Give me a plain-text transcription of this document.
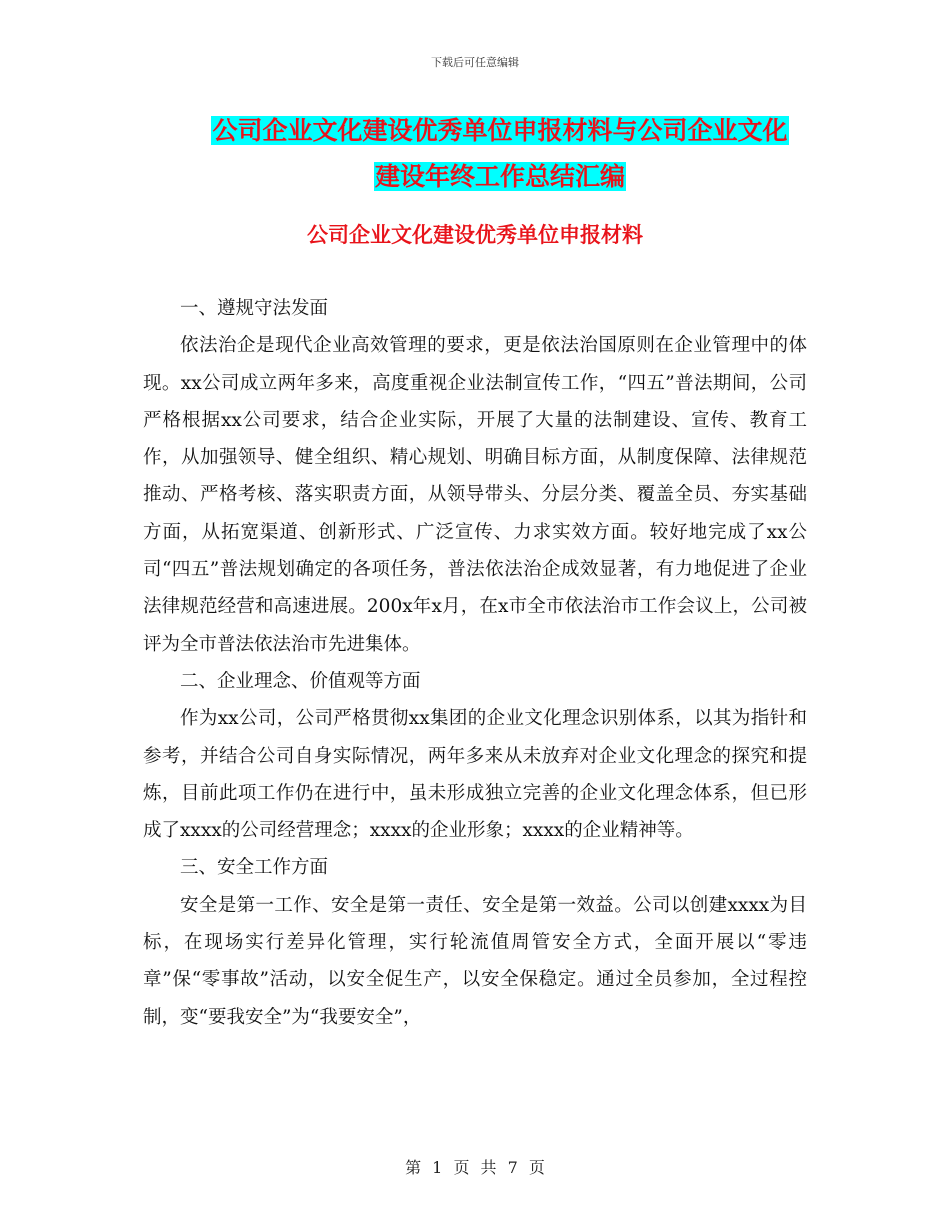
下载后可任意编辑
公司企业文化建设优秀单位申报材料与公司企业文化
建设年终工作总结汇编
公司企业文化建设优秀单位申报材料

一、遵规守法发面

依法治企是现代企业高效管理的要求，更是依法治国原则在企业管理中的体现。xx公司成立两年多来，高度重视企业法制宣传工作，“四五”普法期间，公司严格根据xx公司要求，结合企业实际，开展了大量的法制建设、宣传、教育工作，从加强领导、健全组织、精心规划、明确目标方面，从制度保障、法律规范推动、严格考核、落实职责方面，从领导带头、分层分类、覆盖全员、夯实基础方面，从拓宽渠道、创新形式、广泛宣传、力求实效方面。较好地完成了xx公司“四五”普法规划确定的各项任务，普法依法治企成效显著，有力地促进了企业法律规范经营和高速进展。200x年x月，在x市全市依法治市工作会议上，公司被评为全市普法依法治市先进集体。

二、企业理念、价值观等方面

作为xx公司，公司严格贯彻xx集团的企业文化理念识别体系，以其为指针和参考，并结合公司自身实际情况，两年多来从未放弃对企业文化理念的探究和提炼，目前此项工作仍在进行中，虽未形成独立完善的企业文化理念体系，但已形成了xxxx的公司经营理念；xxxx的企业形象；xxxx的企业精神等。

三、安全工作方面

安全是第一工作、安全是第一责任、安全是第一效益。公司以创建xxxx为目标，在现场实行差异化管理，实行轮流值周管安全方式，全面开展以“零违章”保“零事故”活动，以安全促生产，以安全保稳定。通过全员参加，全过程控制，变“要我安全”为“我要安全”，

第 1 页 共 7 页
